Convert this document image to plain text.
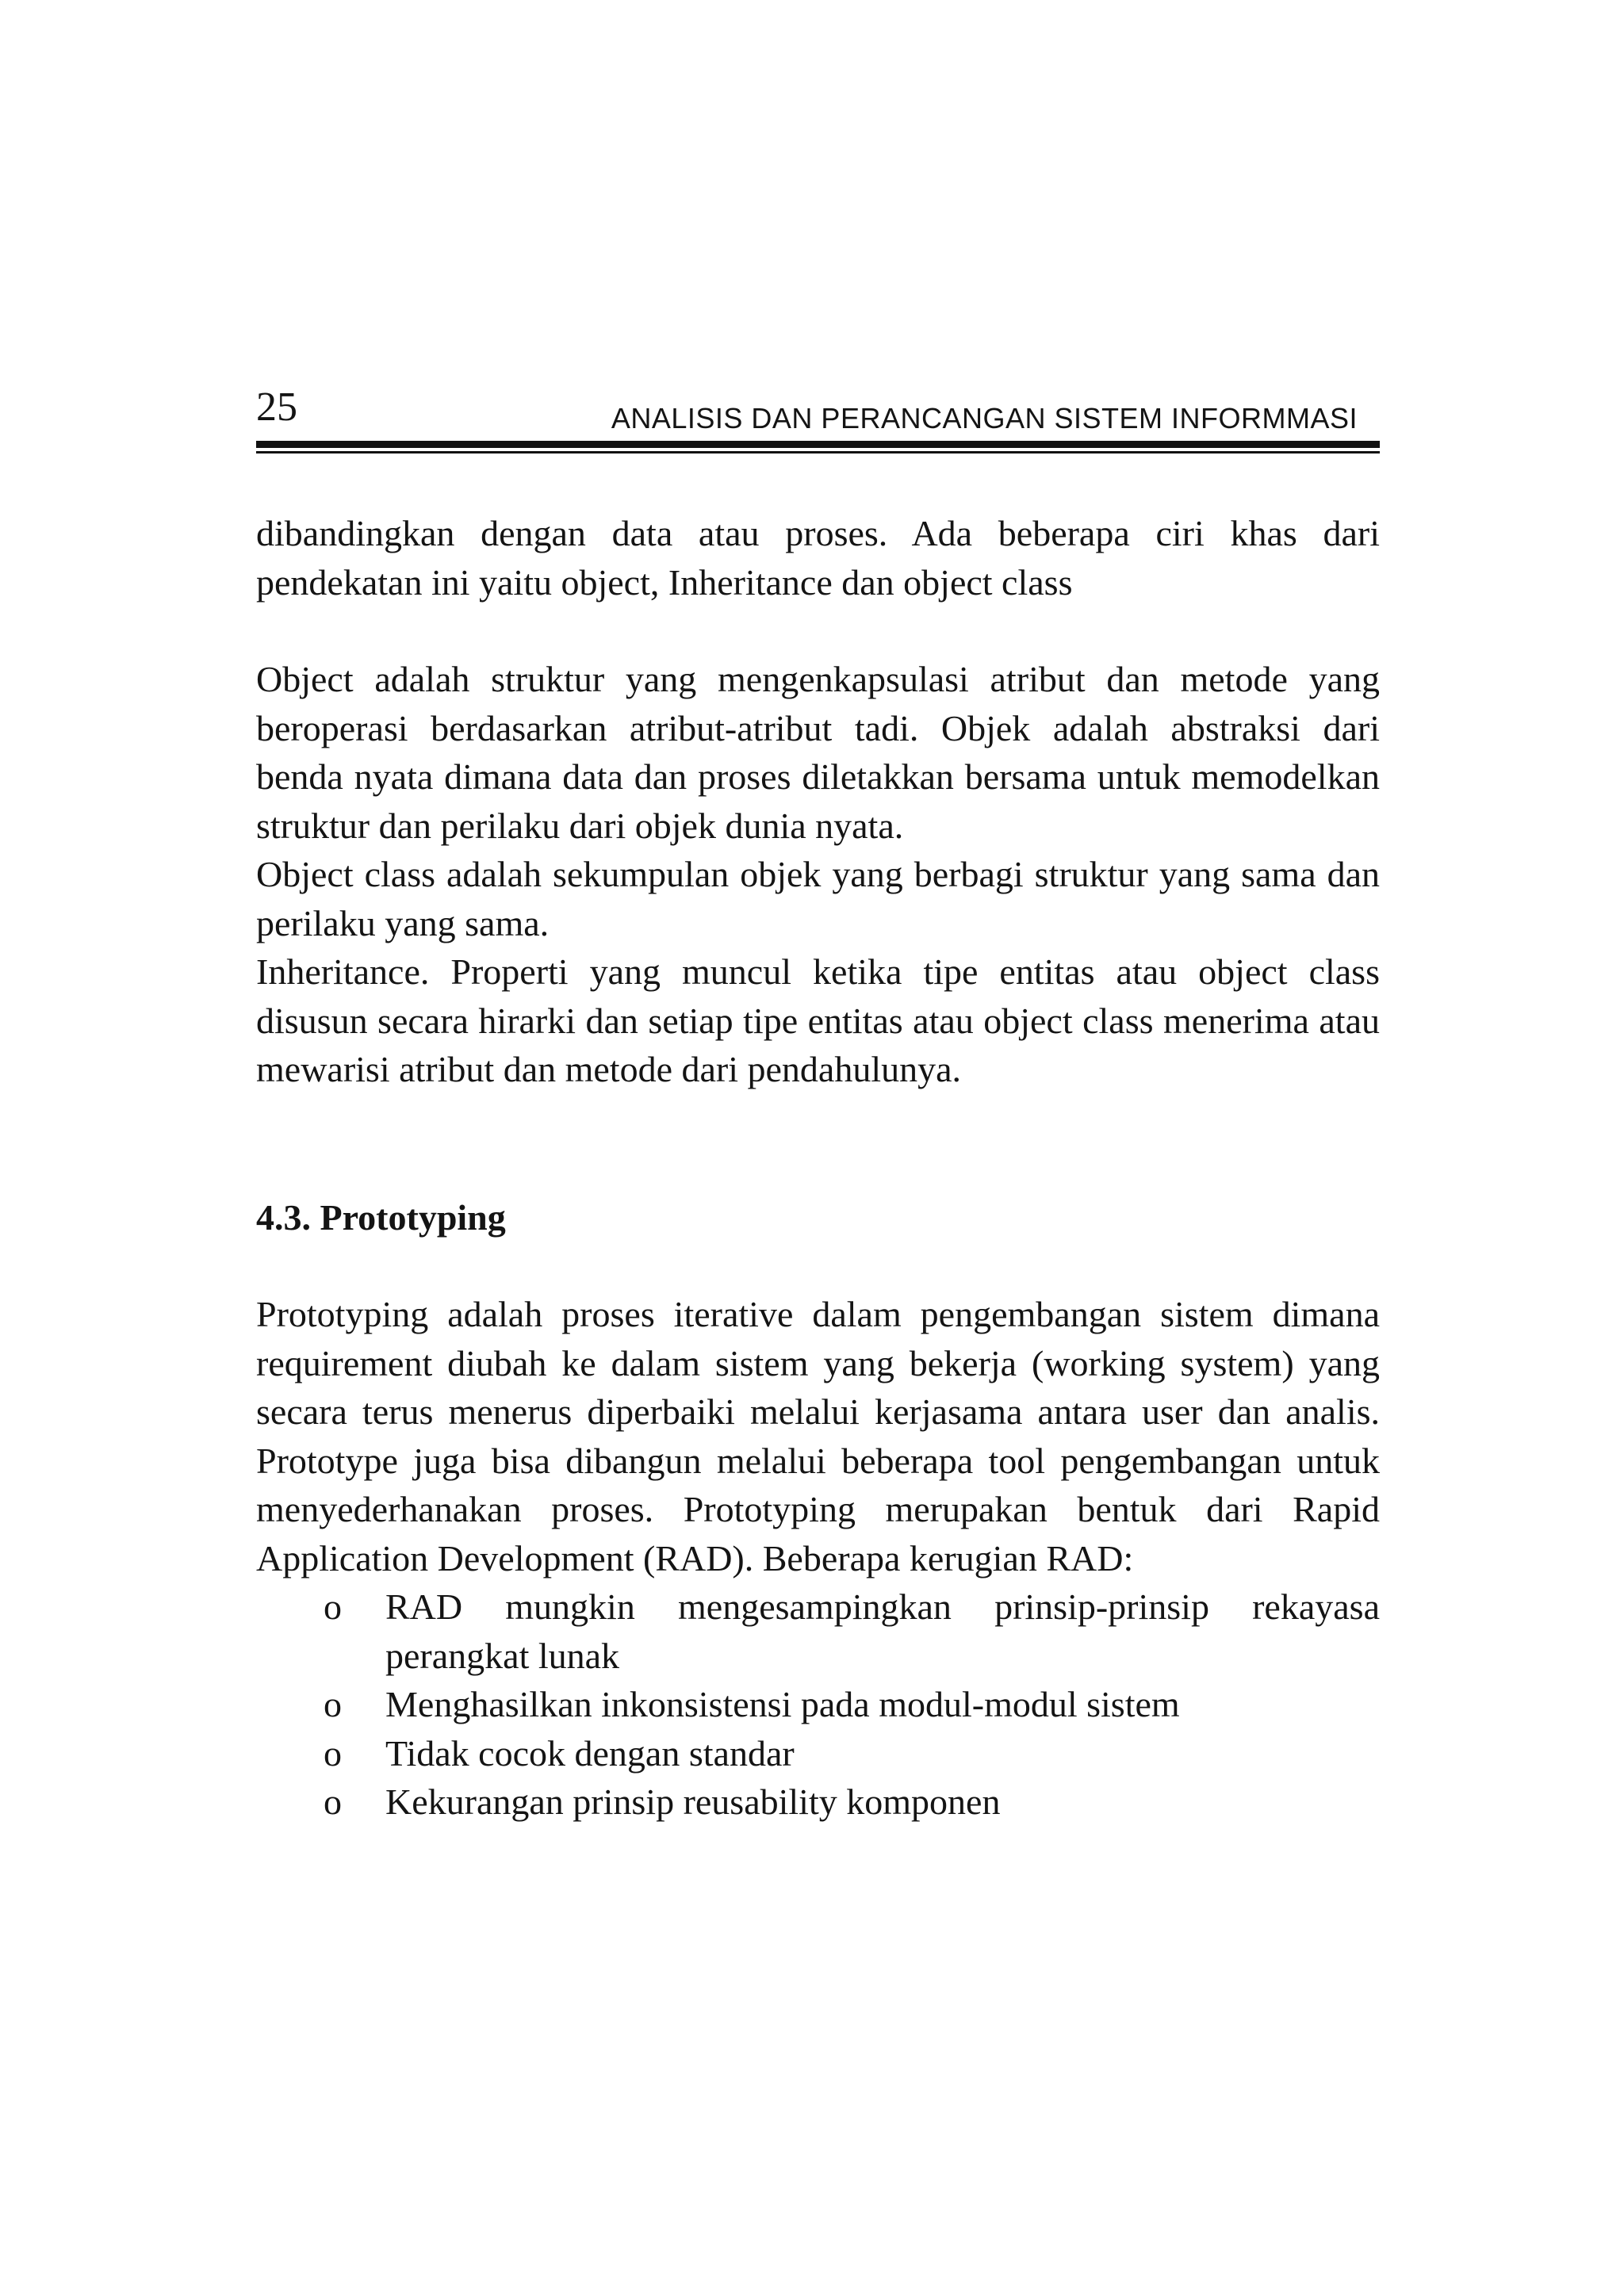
25	ANALISIS DAN PERANCANGAN SISTEM INFORMMASI

dibandingkan dengan data atau proses. Ada beberapa ciri khas dari pendekatan ini yaitu object, Inheritance dan object class

Object adalah struktur yang mengenkapsulasi atribut dan metode yang beroperasi berdasarkan atribut-atribut tadi. Objek adalah abstraksi dari benda nyata dimana data dan proses diletakkan bersama untuk memodelkan struktur dan perilaku dari objek dunia nyata.

Object class adalah sekumpulan objek yang berbagi struktur yang sama dan perilaku yang sama.

Inheritance. Properti yang muncul ketika tipe entitas atau object class disusun secara hirarki dan setiap tipe entitas atau object class menerima atau mewarisi atribut dan metode dari pendahulunya.

4.3. Prototyping

Prototyping adalah proses iterative dalam pengembangan sistem dimana requirement diubah ke dalam sistem yang bekerja (working system) yang secara terus menerus diperbaiki melalui kerjasama antara user dan analis. Prototype juga bisa dibangun melalui beberapa tool pengembangan untuk menyederhanakan proses. Prototyping merupakan bentuk dari Rapid Application Development (RAD). Beberapa kerugian RAD:

o RAD mungkin mengesampingkan prinsip-prinsip rekayasa perangkat lunak
o Menghasilkan inkonsistensi pada modul-modul sistem
o Tidak cocok dengan standar
o Kekurangan prinsip reusability komponen
